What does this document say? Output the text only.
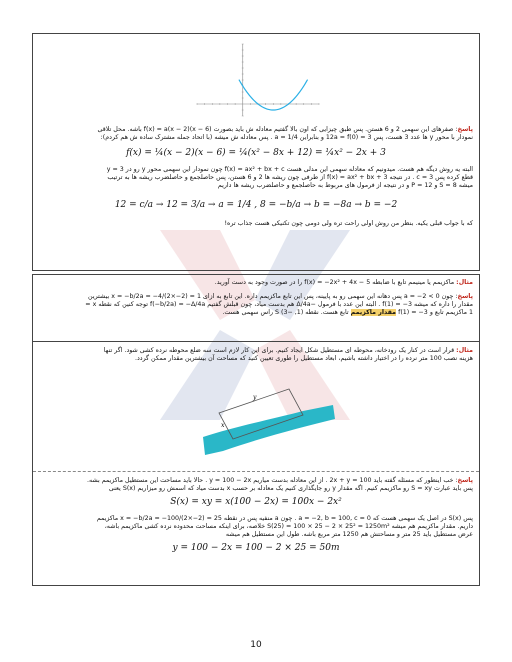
پاسخ: صفرهای این سهمی 2 و 6 هستن. پس طبق چیزایی که اون بالا گفتیم معادله ش باید بصورت f(x) = a(x − 2)(x − 6) باشه. محل تلاقی
نمودار با محور y ها عدد 3 هست، پس 3 = 12a = f(0) و بنابراین a = 1/4 . پس معادله ش میشه (با اتحاد جمله مشترک ساده ش هم کردم):
f(x) = ¼(x − 2)(x − 6) = ¼(x² − 8x + 12) = ¼x² − 2x + 3
البته یه روش دیگه هم هست. میدونیم که معادله سهمی این مدلی هست f(x) = ax² + bx + c چون نمودار این سهمی محور y رو در 3 = y
قطع کرده پس c = 3 . در نتیجه f(x) = ax² + bx + 3 از طرفی چون ریشه ها 2 و 6 هستن، پس حاصلجمع و حاصلضرب ریشه ها به ترتیب
میشه 8 = S و 12 = P و در نتیجه از فرمول های مربوط به حاصلجمع و حاصلضرب ریشه ها داریم
12 = c/a → 12 = 3/a → a = 1/4 , 8 = −b/a → b = −8a → b = −2
که با جواب قبلی یکیه. بنظر من روش اولی راحت تره ولی دومی چون تکنیکی هست جذاب تره!
مثال: ماکزیمم یا مینیمم تابع با ضابطه f(x) = −2x² + 4x − 5 را در صورت وجود به دست آورید.
پاسخ: چون a = −2 < 0 پس دهانه این سهمی رو به پایینه، پس این تابع ماکزیمم داره. این تابع به ازای x = −b/2a = −4/(2×−2) = 1 بیشترین
مقدار را داره که میشه f(1) = −3 . البته این عدد با فرمول −Δ/4a هم بدست میاد، چون قبلش گفتیم f(−b/2a) = −Δ/4a توجه کنین که نقطه x =
1 ماکزیمم تابع و f(1) = −3 مقدار ماکزیمم تابع هست. نقطه (1, −3) S راس سهمی هست.
مثال: قرار است در کنار یک رودخانه، محوطه ای مستطیل شکل ایجاد کنیم. برای این کار لازم است سه ضلع محوطه نرده کشی شود. اگر تنها
هزینه نصب 100 متر نرده را در اختیار داشته باشیم، ابعاد مستطیل را طوری تعیین کنید که مساحت آن بیشترین مقدار ممکن گردد.
x
y
پاسخ: خب اینطور که مسئله گفته باید 2x + y = 100 . از این معادله بدست میاریم y = 100 − 2x . حالا باید مساحت این مستطیل ماکزیمم بشه.
پس باید عبارت S = xy رو ماکزیمم کنیم. اگه مقدار y رو جایگذاری کنیم یک معادله بر حسب x بدست میاد که اسمش رو میزاریم S(x) یعنی
S(x) = xy = x(100 − 2x) = 100x − 2x²
پس S(x) در اصل یک سهمی هست که a = −2, b = 100, c = 0 . چون a منفیه پس در نقطه x = −b/2a = −100/(2×−2) = 25 ماکزیمم
داریم. مقدار ماکزیمم هم میشه S(25) = 100 × 25 − 2 × 25² = 1250m² خلاصه، برای اینکه مساحت محدوده نرده کشی ماکزیمم باشه،
عرض مستطیل باید 25 متر و مساحتش هم 1250 متر مربع باشه. طول این مستطیل هم میشه
y = 100 − 2x = 100 − 2 × 25 = 50m
10
